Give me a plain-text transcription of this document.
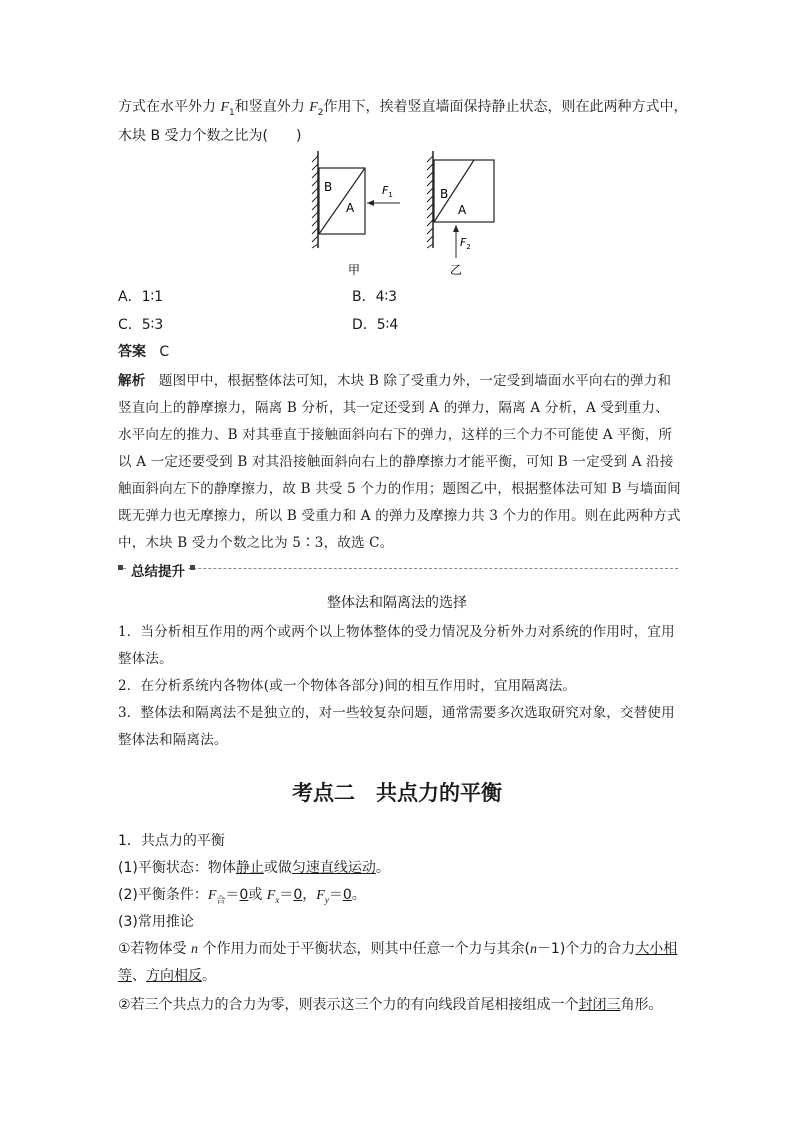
方式在水平外力 $F_1$和竖直外力 $F_2$作用下，挨着竖直墙面保持静止状态，则在此两种方式中，
木块 B 受力个数之比为(　　)
B
A
$F_1$
甲
B
A
$F_2$
乙
A．1∶1	B．4∶3
C．5∶3	D．5∶4
答案 C
解析 题图甲中，根据整体法可知，木块 B 除了受重力外，一定受到墙面水平向右的弹力和
竖直向上的静摩擦力，隔离 B 分析，其一定还受到 A 的弹力，隔离 A 分析，A 受到重力、
水平向左的推力、B 对其垂直于接触面斜向右下的弹力，这样的三个力不可能使 A 平衡，所
以 A 一定还要受到 B 对其沿接触面斜向右上的静摩擦力才能平衡，可知 B 一定受到 A 沿接
触面斜向左下的静摩擦力，故 B 共受 5 个力的作用；题图乙中，根据整体法可知 B 与墙面间
既无弹力也无摩擦力，所以 B 受重力和 A 的弹力及摩擦力共 3 个力的作用。则在此两种方式
中，木块 B 受力个数之比为 5∶3，故选 C。
总结提升
整体法和隔离法的选择
1．当分析相互作用的两个或两个以上物体整体的受力情况及分析外力对系统的作用时，宜用
整体法。
2．在分析系统内各物体(或一个物体各部分)间的相互作用时，宜用隔离法。
3．整体法和隔离法不是独立的，对一些较复杂问题，通常需要多次选取研究对象，交替使用
整体法和隔离法。
考点二　共点力的平衡
1．共点力的平衡
(1)平衡状态：物体静止或做匀速直线运动。
(2)平衡条件：$F_合=0$或 $F_x=0$，$F_y=0$。
(3)常用推论
①若物体受 n 个作用力而处于平衡状态，则其中任意一个力与其余(n－1)个力的合力大小相
等、方向相反。
②若三个共点力的合力为零，则表示这三个力的有向线段首尾相接组成一个封闭三角形。
